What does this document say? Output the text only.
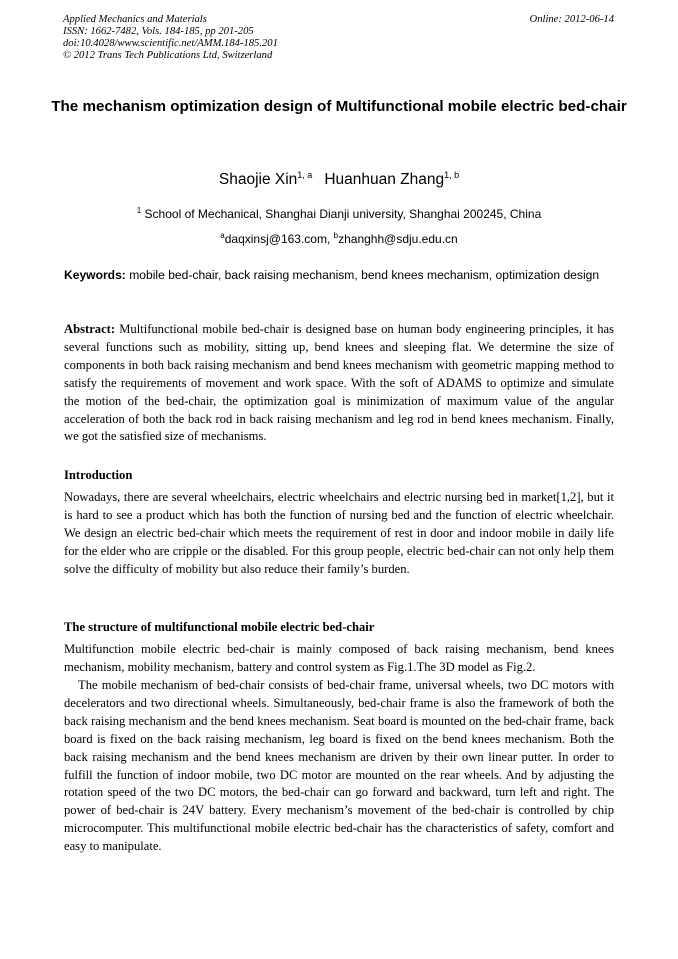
Applied Mechanics and Materials
ISSN: 1662-7482, Vols. 184-185, pp 201-205
doi:10.4028/www.scientific.net/AMM.184-185.201
© 2012 Trans Tech Publications Ltd, Switzerland
Online: 2012-06-14
The mechanism optimization design of Multifunctional mobile electric bed-chair
Shaojie Xin$^{1, a}$ Huanhuan Zhang$^{1, b}$
$^1$ School of Mechanical, Shanghai Dianji university, Shanghai 200245, China
$^a$daqxinsj@163.com, $^b$zhanghh@sdju.edu.cn
Keywords: mobile bed-chair, back raising mechanism, bend knees mechanism, optimization design

Abstract: Multifunctional mobile bed-chair is designed base on human body engineering principles, it has several functions such as mobility, sitting up, bend knees and sleeping flat. We determine the size of components in both back raising mechanism and bend knees mechanism with geometric mapping method to satisfy the requirements of movement and work space. With the soft of ADAMS to optimize and simulate the motion of the bed-chair, the optimization goal is minimization of maximum value of the angular acceleration of both the back rod in back raising mechanism and leg rod in bend knees mechanism. Finally, we got the satisfied size of mechanisms.

Introduction

Nowadays, there are several wheelchairs, electric wheelchairs and electric nursing bed in market[1,2], but it is hard to see a product which has both the function of nursing bed and the function of electric wheelchair. We design an electric bed-chair which meets the requirement of rest in door and indoor mobile in daily life for the elder who are cripple or the disabled. For this group people, electric bed-chair can not only help them solve the difficulty of mobility but also reduce their family’s burden.

The structure of multifunctional mobile electric bed-chair

Multifunction mobile electric bed-chair is mainly composed of back raising mechanism, bend knees mechanism, mobility mechanism, battery and control system as Fig.1.The 3D model as Fig.2.

The mobile mechanism of bed-chair consists of bed-chair frame, universal wheels, two DC motors with decelerators and two directional wheels. Simultaneously, bed-chair frame is also the framework of both the back raising mechanism and the bend knees mechanism. Seat board is mounted on the bed-chair frame, back board is fixed on the back raising mechanism, leg board is fixed on the bend knees mechanism. Both the back raising mechanism and the bend knees mechanism are driven by their own linear putter. In order to fulfill the function of indoor mobile, two DC motor are mounted on the rear wheels. And by adjusting the rotation speed of the two DC motors, the bed-chair can go forward and backward, turn left and right. The power of bed-chair is 24V battery. Every mechanism’s movement of the bed-chair is controlled by chip microcomputer. This multifunctional mobile electric bed-chair has the characteristics of safety, comfort and easy to manipulate.
